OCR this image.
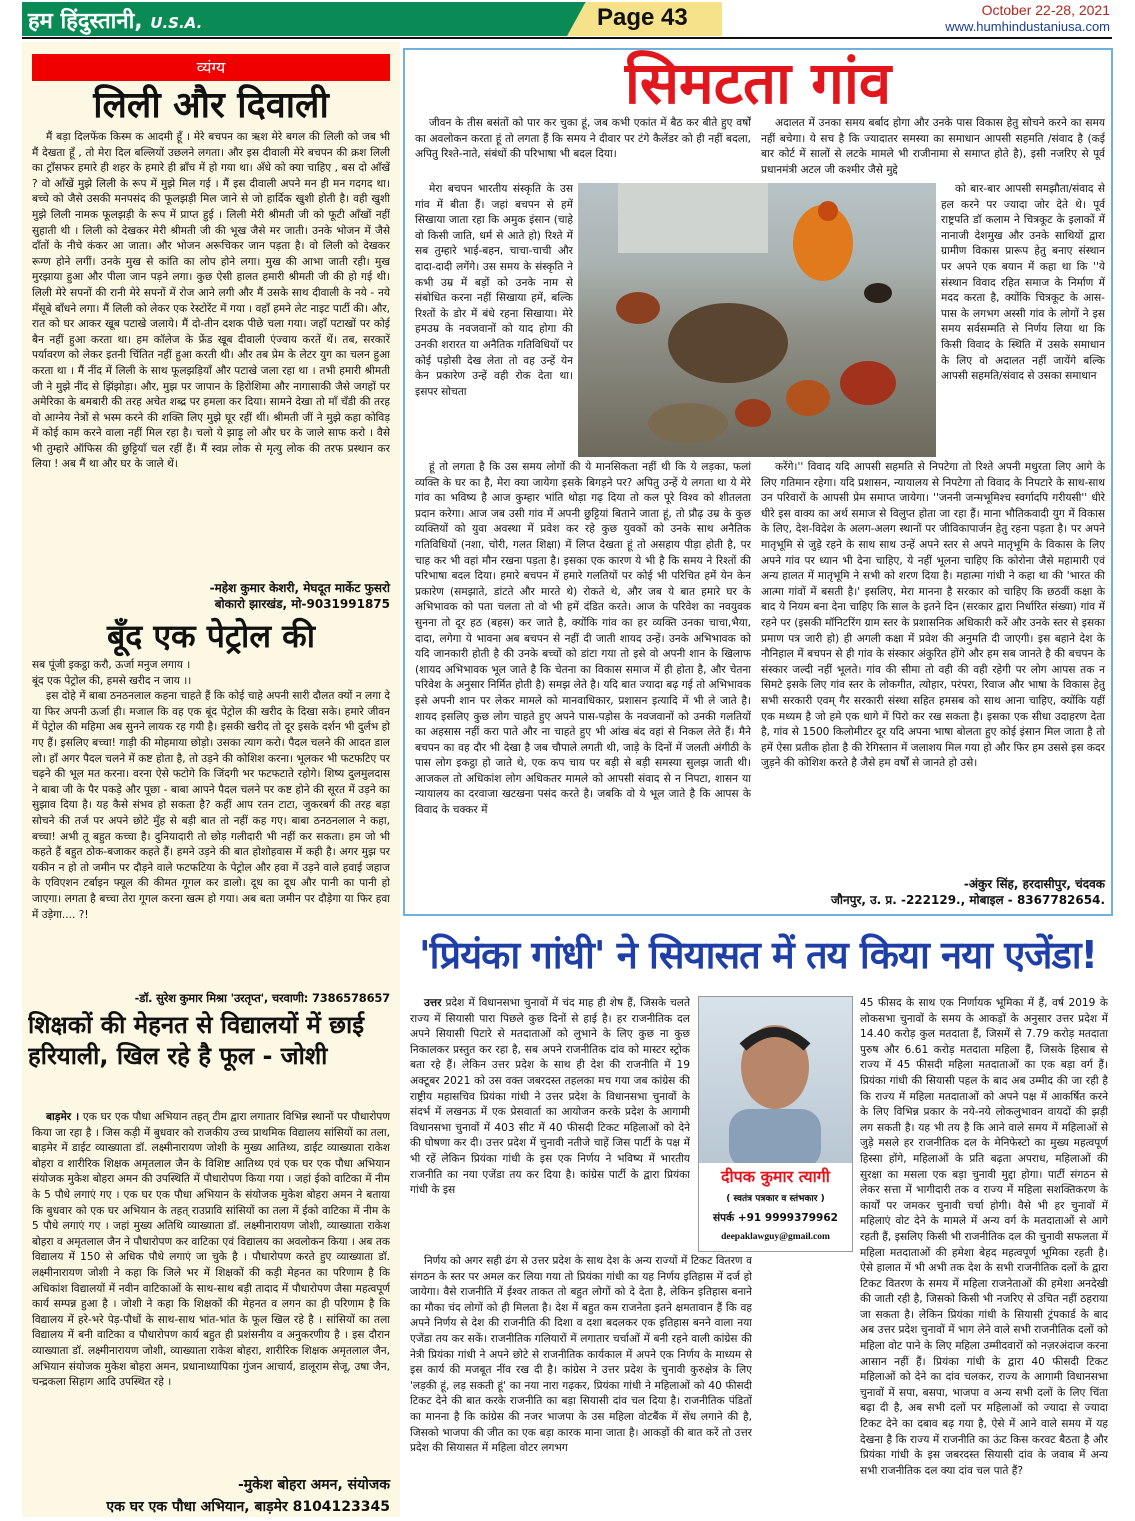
हम हिंदुस्तानी, U.S.A.	Page 43	October 22-28, 2021
www.humhindustaniusa.com
व्यंग्य
लिली और दिवाली

मैं बड़ा दिलफेंक किस्म क आदमी हूँ । मेरे बचपन का ऋश मेरे बगल की लिली को जब भी मैं देखता हूँ , तो मेरा दिल बल्लियों उछलने लगता। और इस दीवाली मेरे बचपन की क्रश लिली का ट्राँसफर हमारे ही शहर के हमारे ही ब्राँच में हो गया था। अँधे को क्या चाहिए , बस दो आँखें ? वो आँखें मुझे लिली के रूप में मुझे मिल गई । मैं इस दीवाली अपने मन ही मन गदगद था। बच्चे को जैसे उसकी मनपसंद की फूलझड़ी मिल जाने से जो हार्दिक खुशी होती है। वही खुशी मुझे लिली नामक फूलझड़ी के रूप में प्राप्त हुई । लिली मेरी श्रीमती जी को फूटी आँखों नहीं सुहाती थी । लिली को देखकर मेरी श्रीमती जी की भूख जैसे मर जाती। उनके भोजन में जैसे दाँतों के नीचे कंकर आ जाता। और भोजन अरूचिकर जान पड़ता है। वो लिली को देखकर रूग्ण होने लगीं। उनके मुख से कांति का लोप होने लगा। मुख की आभा जाती रही। मुख मुरझाया हुआ और पीला जान पड़ने लगा। कुछ ऐसी हालत हमारी श्रीमती जी की हो गई थी। लिली मेरे सपनों की रानी मेरे सपनों में रोज आने लगी और मैं उसके साथ दीवाली के नये - नये मँसूबे बाँधने लगा। मैं लिली को लेकर एक रेस्टोरेंट में गया । वहाँ हमने लेट नाइट पार्टी की। और, रात को घर आकर खूब पटाखे जलाये। मैं दो-तीन दशक पीछे चला गया। जहाँ पटाखों पर कोई बैन नहीं हुआ करता था। हम कॉलेज के फ्रेंड खूब दीवाली एंज्वाय करतें थें। तब, सरकारें पर्यावरण को लेकर इतनी चिंतित नहीं हुआ करती थी। और तब प्रेम के लेटर युग का चलन हुआ करता था । मैं नींद में लिली के साथ फूलझड़ियाँ और पटाखे जला रहा था । तभी हमारी श्रीमती जी ने मुझे नींद से झिंझोड़ा। और, मुझ पर जापान के हिरोशिमा और नागासाकी जैसे जगहों पर अमेरिका के बमबारी की तरह अचेत शब्द्र पर हमला कर दिया। सामने देखा तो माँ चँडी की तरह वो आग्नेय नेत्रों से भस्म करने की शक्ति लिए मुझे घूर रहीं थीं। श्रीमती जीं ने मुझे कहा कोविड़ में कोई काम करने वाला नहीं मिल रहा है। चलो ये झाड़ू लो और घर के जाले साफ करो । वैसे भी तुम्हारे ऑफिस की छुट्टियाँ चल रहीं हैं। मैं स्वप्न लोक से मृत्यु लोक की तरफ प्रस्थान कर लिया ! अब मैं था और घर के जाले थें।

-महेश कुमार केशरी, मेघदूत मार्केट फुसरो
बोकारो झारखंड, मो-9031991875
बूँद एक पेट्रोल की
सब पूंजी इकट्ठा करौ, ऊर्जा मनुज लगाय ।
बूंद एक पेट्रोल की, हमसे खरीद न जाय ।।

इस दोहे में बाबा ठनठनलाल कहना चाहते हैं कि कोई चाहे अपनी सारी दौलत क्यों न लगा दे या फिर अपनी ऊर्जा ही। मजाल कि वह एक बूंद पेट्रोल की खरीद के दिखा सके। हमारे जीवन में पेट्रोल की महिमा अब सुनने लायक रह गयी है। इसकी खरीद तो दूर इसके दर्शन भी दुर्लभ हो गए हैं। इसलिए बच्चा! गाड़ी की मोहमाया छोड़ो। उसका त्याग करो। पैदल चलने की आदत डाल लो। हाँ अगर पैदल चलने में कष्ट होता है, तो उड़ने की कोशिश करना। भूलकर भी फटफटिए पर चढ़ने की भूल मत करना। वरना ऐसे फटोगे कि जिंदगी भर फटफटाते रहोगे। शिष्य दुलमुलदास ने बाबा जी के पैर पकड़े और पूछा - बाबा आपने पैदल चलने पर कष्ट होने की सूरत में उड़ने का सुझाव दिया है। यह कैसे संभव हो सकता है? कहीं आप रतन टाटा, जुकरबर्ग की तरह बड़ा सोचने की तर्ज पर अपने छोटे मुँह से बड़ी बात तो नहीं कह गए। बाबा ठनठनलाल ने कहा, बच्चा! अभी तू बहुत कच्चा है। दुनियादारी तो छोड़ गलीदारी भी नहीं कर सकता। हम जो भी कहते हैं बहुत ठोक-बजाकर कहते हैं। हमने उड़ने की बात होशोहवास में कही है। अगर मुझ पर यकीन न हो तो जमीन पर दौड़ने वाले फटफटिया के पेट्रोल और हवा में उड़ने वाले हवाई जहाज के एविएशन टर्बाइन फ्यूल की कीमत गूगल कर डालो। दूध का दूध और पानी का पानी हो जाएगा। लगता है बच्चा तेरा गूगल करना खत्म हो गया। अब बता जमीन पर दौड़ेगा या फिर हवा में उड़ेगा.... ?!

-डॉ. सुरेश कुमार मिश्रा 'उरतृप्त', चरवाणी: 7386578657
शिक्षकों की मेहनत से विद्यालयों में छाई हरियाली, खिल रहे है फूल - जोशी

बाड़मेर । एक घर एक पौधा अभियान तहत् टीम द्वारा लगातार विभिन्न स्थानों पर पौधारोपण किया जा रहा है । जिस कड़ी में बुधवार को राजकीय उच्च प्राथमिक विद्यालय सांसियों का तला, बाड़मेर में डाईट व्याख्याता डॉ. लक्ष्मीनारायण जोशी के मुख्य आतिथ्य, डाईट व्याख्याता राकेश बोहरा व शारीरिक शिक्षक अमृतलाल जैन के विशिष्ट आतिथ्य एवं एक घर एक पौधा अभियान संयोजक मुकेश बोहरा अमन की उपस्थिति में पौधारोपण किया गया । जहां ईको वाटिका में नीम के 5 पौधे लगाएं गए । एक घर एक पौधा अभियान के संयोजक मुकेश बोहरा अमन ने बताया कि बुधवार को एक घर अभियान के तहत् राउप्रावि सांसियों का तला में ईको वाटिका में नीम के 5 पौधे लगाएं गए । जहां मुख्य अतिथि व्याख्याता डॉ. लक्ष्मीनारायण जोशी, व्याख्याता राकेश बोहरा व अमृतलाल जैन ने पौधारोपण कर वाटिका एवं विद्यालय का अवलोकन किया । अब तक विद्यालय में 150 से अधिक पौधे लगाएं जा चुके है । पौधारोपण करते हुए व्याख्याता डॉ. लक्ष्मीनारायण जोशी ने कहा कि जिले भर में शिक्षकों की कड़ी मेहनत का परिणाम है कि अधिकांश विद्यालयों में नवीन वाटिकाओं के साथ-साथ बड़ी तादाद में पौधारोपण जैसा महत्वपूर्ण कार्य सम्पन्न हुआ है । जोशी ने कहा कि शिक्षकों की मेहनत व लगन का ही परिणाम है कि विद्यालय में हरे-भरे पेड़-पौधों के साथ-साथ भांत-भांत के फूल खिल रहे है । सांसियों का तला विद्यालय में बनी वाटिका व पौधारोपण कार्य बहुत ही प्रशंसनीय व अनुकरणीय है । इस दौरान व्याख्याता डॉ. लक्ष्मीनारायण जोशी, व्याख्याता राकेश बोहरा, शारीरिक शिक्षक अमृतलाल जैन, अभियान संयोजक मुकेश बोहरा अमन, प्रधानाध्यापिका गुंजन आचार्य, डालूराम सेजू, उषा जैन, चन्द्रकला सिहाग आदि उपस्थित रहे ।

-मुकेश बोहरा अमन, संयोजक
एक घर एक पौधा अभियान, बाड़मेर 8104123345
सिमटता गांव

जीवन के तीस बसंतों को पार कर चुका हूं, जब कभी एकांत में बैठ कर बीते हुए वर्षों का अवलोकन करता हूं तो लगता हैं कि समय ने दीवार पर टंगे कैलेंडर को ही नहीं बदला, अपितु रिश्ते-नाते, संबंधों की परिभाषा भी बदल दिया।

मेरा बचपन भारतीय संस्कृति के उस गांव में बीता हैं। जहां बचपन से हमें सिखाया जाता रहा कि अमुक इंसान (चाहे वो किसी जाति, धर्म से आते हो) रिश्ते में सब तुम्हारे भाई-बहन, चाचा-चाची और दादा-दादी लगेंगे। उस समय के संस्कृति ने कभी उम्र में बड़ों को उनके नाम से संबोधित करना नहीं सिखाया हमें, बल्कि रिश्तों के डोर में बंधे रहना सिखाया। मेरे हमउम्र के नवजवानों को याद होगा की उनकी शरारत या अनैतिक गतिविधियों पर कोई पड़ोसी देख लेता तो वह उन्हें येन केन प्रकारेण उन्हें वही रोक देता था। इसपर सोचता

हूं तो लगता है कि उस समय लोगों की ये मानसिकता नहीं थी कि ये लड़का, फलां व्यक्ति के घर का है, मेरा क्या जायेगा इसके बिगड़ने पर? अपितु उन्हें ये लगता था ये मेरे गांव का भविष्य है आज कुम्हार भांति थोड़ा गढ़ दिया तो कल पूरे विश्व को शीतलता प्रदान करेगा। आज जब उसी गांव में अपनी छुट्टियां बिताने जाता हूं, तो प्रौढ़ उम्र के कुछ व्यक्तियों को युवा अवस्था में प्रवेश कर रहे कुछ युवकों को उनके साथ अनैतिक गतिविधियों (नशा, चोरी, गलत शिक्षा) में लिप्त देखता हूं तो असहाय पीड़ा होती है, पर चाह कर भी वहां मौन रखना पड़ता है। इसका एक कारण ये भी है कि समय ने रिश्तों की परिभाषा बदल दिया। हमारे बचपन में हमारे गलतियों पर कोई भी परिचित हमें येन केन प्रकारेण (समझाते, डांटते और मारते थे) रोकते थे, और जब ये बात हमारे घर के अभिभावक को पता चलता तो वो भी हमें दंडित करते। आज के परिवेश का नवयुवक सुनना तो दूर हठ (बहस) कर जाते है, क्योंकि गांव का हर व्यक्ति उनका चाचा,भैया, दादा, लगेगा ये भावना अब बचपन से नहीं दी जाती शायद उन्हें। उनके अभिभावक को यदि जानकारी होती है की उनके बच्चों को डांटा गया तो इसे वो अपनी शान के खिलाफ (शायद अभिभावक भूल जाते है कि चेतना का विकास समाज में ही होता है, और चेतना परिवेश के अनुसार निर्मित होती है) समझ लेते है। यदि बात ज्यादा बढ़ गई तो अभिभावक इसे अपनी शान पर लेकर मामले को मानवाधिकार, प्रशासन इत्यादि में भी ले जाते है। शायद इसलिए कुछ लोग चाहते हुए अपने पास-पड़ोस के नवजवानों को उनकी गलतियों का अहसास नहीं करा पाते और ना चाहते हुए भी आंख बंद वहां से निकल लेते हैं। मैने बचपन का वह दौर भी देखा है जब चौपाले लगती थी, जाड़े के दिनों में जलती अंगीठी के पास लोग इकट्ठा हो जाते थे, एक कप चाय पर बड़ी से बड़ी समस्या सुलझ जाती थी। आजकल तो अधिकांश लोग अधिकतर मामले को आपसी संवाद से न निपटा, शासन या न्यायालय का दरवाजा खटखना पसंद करते है। जबकि वो ये भूल जाते है कि आपस के विवाद के चक्कर में

अदालत में उनका समय बर्बाद होगा और उनके पास विकास हेतु सोचने करने का समय नहीं बचेगा। ये सच है कि ज्यादातर समस्या का समाधान आपसी सहमति /संवाद है (कई बार कोर्ट में सालों से लटके मामले भी राजीनामा से समाप्त होते है), इसी नजरिए से पूर्व प्रधानमंत्री अटल जी कश्मीर जैसे मुद्दे

को बार-बार आपसी समझौता/संवाद से हल करने पर ज्यादा जोर देते थे। पूर्व राष्ट्रपति डॉ कलाम ने चित्रकूट के इलाकों में नानाजी देशमुख और उनके साथियों द्वारा ग्रामीण विकास प्रारूप हेतु बनाए संस्थान पर अपने एक बयान में कहा था कि ''ये संस्थान विवाद रहित समाज के निर्माण में मदद करता है, क्योंकि चित्रकूट के आस-पास के लगभग अस्सी गांव के लोगों ने इस समय सर्वसम्मति से निर्णय लिया था कि किसी विवाद के स्थिति में उसके समाधान के लिए वो अदालत नहीं जायेंगे बल्कि आपसी सहमति/संवाद से उसका समाधान

करेंगे।'' विवाद यदि आपसी सहमति से निपटेगा तो रिश्ते अपनी मधुरता लिए आगे के लिए गतिमान रहेगा। यदि प्रशासन, न्यायालय से निपटेगा तो विवाद के निपटारे के साथ-साथ उन परिवारों के आपसी प्रेम समाप्त जायेगा। ''जननी जन्मभूमिश्च स्वर्गादपि गरीयसी'' धीरे धीरे इस वाक्य का अर्थ समाज से विलुप्त होता जा रहा हैं। माना भौतिकवादी युग में विकास के लिए, देश-विदेश के अलग-अलग स्थानों पर जीविकापार्जन हेतु रहना पड़ता है। पर अपने मातृभूमि से जुड़े रहने के साथ साथ उन्हें अपने स्तर से अपने मातृभूमि के विकास के लिए अपने गांव पर ध्यान भी देना चाहिए, ये नहीं भूलना चाहिए कि कोरोना जैसे महामारी एवं अन्य हालत में मातृभूमि ने सभी को शरण दिया है। महात्मा गांधी ने कहा था की 'भारत की आत्मा गांवों में बसती है।' इसलिए, मेरा मानना है सरकार को चाहिए कि छठवीं कक्षा के बाद ये नियम बना देना चाहिए कि साल के इतने दिन (सरकार द्वारा निर्धारित संख्या) गांव में रहने पर (इसकी मॉनिटरिंग ग्राम स्तर के प्रशासनिक अधिकारी करें और उनके स्तर से इसका प्रमाण पत्र जारी हो) ही अगली कक्षा में प्रवेश की अनुमति दी जाएगी। इस बहाने देश के नौनिहाल में बचपन से ही गांव के संस्कार अंकुरित होंगे और हम सब जानते है की बचपन के संस्कार जल्दी नहीं भूलते। गांव की सीमा तो वही की वही रहेगी पर लोग आपस तक न सिमटे इसके लिए गांव स्तर के लोकगीत, त्योहार, परंपरा, रिवाज और भाषा के विकास हेतु सभी सरकारी एवम् गैर सरकारी संस्था सहित हमसब को साथ आना चाहिए, क्योंकि यहीं एक मध्यम है जो हमे एक धागे में पिरो कर रख सकता है। इसका एक सीधा उदाहरण देता है, गांव से 1500 किलोमीटर दूर यदि अपना भाषा बोलता हुए कोई इंसान मिल जाता है तो हमें ऐसा प्रतीक होता है की रेगिस्तान में जलाशय मिल गया हो और फिर हम उससे इस कदर जुड़ने की कोशिश करते है जैसे हम वर्षों से जानते हो उसे।

-अंकुर सिंह, हरदासीपुर, चंदवक
जौनपुर, उ. प्र. -222129., मोबाइल - 8367782654.
'प्रियंका गांधी' ने सियासत में तय किया नया एजेंडा!

उत्तर प्रदेश में विधानसभा चुनावों में चंद माह ही शेष हैं, जिसके चलते राज्य में सियासी पारा पिछले कुछ दिनों से हाई है। हर राजनीतिक दल अपने सियासी पिटारे से मतदाताओं को लुभाने के लिए कुछ ना कुछ निकालकर प्रस्तुत कर रहा है, सब अपने राजनीतिक दांव को मास्टर स्ट्रोक बता रहे हैं। लेकिन उत्तर प्रदेश के साथ ही देश की राजनीति में 19 अक्टूबर 2021 को उस वक्त जबरदस्त तहलका मच गया जब कांग्रेस की राष्ट्रीय महासचिव प्रियंका गांधी ने उत्तर प्रदेश के विधानसभा चुनावों के संदर्भ में लखनऊ में एक प्रेसवार्ता का आयोजन करके प्रदेश के आगामी विधानसभा चुनावों में 403 सीट में 40 फीसदी टिकट महिलाओं को देने की घोषणा कर दी। उत्तर प्रदेश में चुनावी नतीजे चाहें जिस पार्टी के पक्ष में भी रहें लेकिन प्रियंका गांधी के इस एक निर्णय ने भविष्य में भारतीय राजनीति का नया एजेंडा तय कर दिया है। कांग्रेस पार्टी के द्वारा प्रियंका गांधी के इस

दीपक कुमार त्यागी
( स्वतंत्र पत्रकार व स्तंभकार )
संपर्क +91 9999379962
deepaklawguy@gmail.com

निर्णय को अगर सही ढंग से उत्तर प्रदेश के साथ देश के अन्य राज्यों में टिकट वितरण व संगठन के स्तर पर अमल कर लिया गया तो प्रियंका गांधी का यह निर्णय इतिहास में दर्ज हो जायेगा। वैसे राजनीति में ईश्वर ताकत तो बहुत लोगों को दे देता है, लेकिन इतिहास बनाने का मौका चंद लोगों को ही मिलता है। देश में बहुत कम राजनेता इतने क्षमतावान हैं कि वह अपने निर्णय से देश की राजनीति की दिशा व दशा बदलकर एक इतिहास बनने वाला नया एजेंडा तय कर सकें। राजनीतिक गलियारों में लगातार चर्चाओं में बनी रहने वाली कांग्रेस की नेत्री प्रियंका गांधी ने अपने छोटे से राजनीतिक कार्यकाल में अपने एक निर्णय के माध्यम से इस कार्य की मजबूत नींव रख दी है। कांग्रेस ने उत्तर प्रदेश के चुनावी कुरुक्षेत्र के लिए 'लड़की हूं, लड़ सकती हूं' का नया नारा गढ़कर, प्रियंका गांधी ने महिलाओं को 40 फीसदी टिकट देने की बात करके राजनीति का बड़ा सियासी दांव चल दिया है। राजनीतिक पंडितों का मानना है कि कांग्रेस की नजर भाजपा के उस महिला वोटबैंक में सेंध लगाने की है, जिसको भाजपा की जीत का एक बड़ा कारक माना जाता है। आकड़ों की बात करें तो उत्तर प्रदेश की सियासत में महिला वोटर लगभग

45 फीसद के साथ एक निर्णायक भूमिका में हैं, वर्ष 2019 के लोकसभा चुनावों के समय के आकड़ों के अनुसार उत्तर प्रदेश में 14.40 करोड़ कुल मतदाता हैं, जिसमें से 7.79 करोड़ मतदाता पुरुष और 6.61 करोड़ मतदाता महिला हैं, जिसके हिसाब से राज्य में 45 फीसदी महिला मतदाताओं का एक बड़ा वर्ग हैं। प्रियंका गांधी की सियासी पहल के बाद अब उम्मीद की जा रही है कि राज्य में महिला मतदाताओं को अपने पक्ष में आकर्षित करने के लिए विभिन्न प्रकार के नये-नये लोकलुभावन वायदों की झड़ी लग सकती है। यह भी तय है कि आने वाले समय में महिलाओं से जुड़े मसले हर राजनीतिक दल के मेनिफेस्टो का मुख्य महत्वपूर्ण हिस्सा होंगे, महिलाओं के प्रति बढ़ता अपराध, महिलाओं की सुरक्षा का मसला एक बड़ा चुनावी मुद्दा होगा। पार्टी संगठन से लेकर सत्ता में भागीदारी तक व राज्य में महिला सशक्तिकरण के कार्यों पर जमकर चुनावी चर्चा होगी। वैसे भी हर चुनावों में महिलाएं वोट देने के मामले में अन्य वर्ग के मतदाताओं से आगे रहती हैं, इसलिए किसी भी राजनीतिक दल की चुनावी सफलता में महिला मतदाताओं की हमेशा बेहद महत्वपूर्ण भूमिका रहती है। ऐसे हालात में भी अभी तक देश के सभी राजनीतिक दलों के द्वारा टिकट वितरण के समय में महिला राजनेताओं की हमेशा अनदेखी की जाती रही है, जिसको किसी भी नजरिए से उचित नहीं ठहराया जा सकता है। लेकिन प्रियंका गांधी के सियासी ट्रंपकार्ड के बाद अब उत्तर प्रदेश चुनावों में भाग लेने वाले सभी राजनीतिक दलों को महिला वोट पाने के लिए महिला उम्मीदवारों को नज़रअंदाज करना आसान नहीं हैं। प्रियंका गांधी के द्वारा 40 फीसदी टिकट महिलाओं को देने का दांव चलकर, राज्य के आगामी विधानसभा चुनावों में सपा, बसपा, भाजपा व अन्य सभी दलों के लिए चिंता बढ़ा दी है, अब सभी दलों पर महिलाओं को ज्यादा से ज्यादा टिकट देने का दबाव बढ़ गया है, ऐसे में आने वाले समय में यह देखना है कि राज्य में राजनीति का ऊंट किस करवट बैठता है और प्रियंका गांधी के इस जबरदस्त सियासी दांव के जवाब में अन्य सभी राजनीतिक दल क्या दांव चल पाते हैं?
